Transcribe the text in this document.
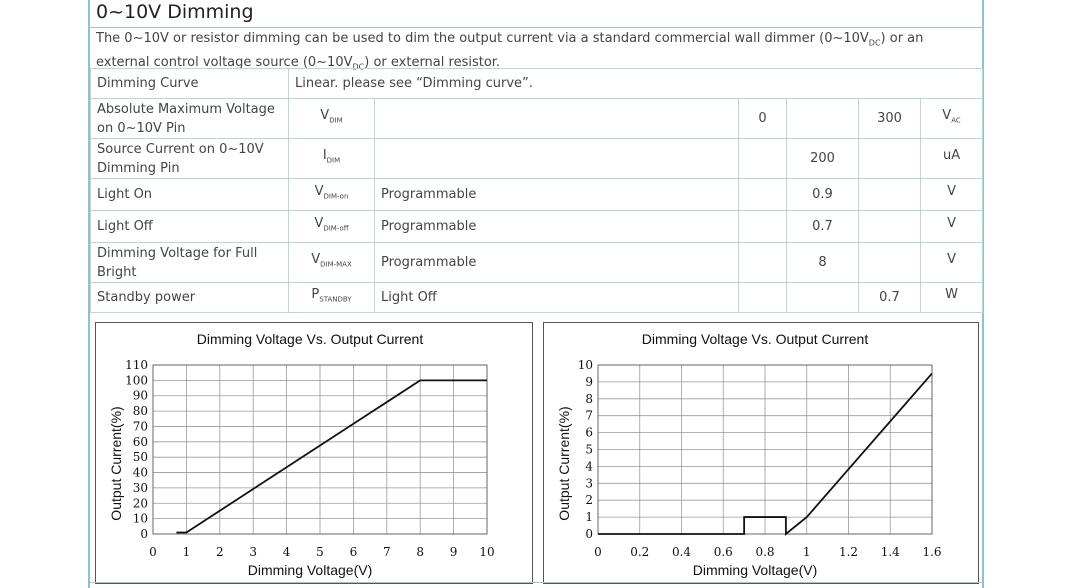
0~10V Dimming
The 0~10V or resistor dimming can be used to dim the output current via a standard commercial wall dimmer $(0\sim 10V_{DC})$ or an external control voltage source $(0\sim 10V_{DC})$ or external resistor.
Dimming Curve	Linear. please see “Dimming curve”.					
Absolute Maximum Voltage on 0~10V Pin	$V_{DIM}$		0		300	$V_{AC}$
Source Current on 0~10V Dimming Pin	$I_{DIM}$			200		uA
Light On	$V_{DIM-on}$	Programmable		0.9		V
Light Off	$V_{DIM-off}$	Programmable		0.7		V
Dimming Voltage for Full Bright	$V_{DIM-MAX}$	Programmable		8		V
Standby power	$P_{STANDBY}$	Light Off			0.7	W
Dimming Voltage Vs. Output Current
0
10
20
30
40
50
60
70
80
90
100
110
0 1 2 3 4 5 6 7 8 9 10
Dimming Voltage(V)
Output Current(%)
Dimming Voltage Vs. Output Current
0
1
2
3
4
5
6
7
8
9
10
0 0.2 0.4 0.6 0.8 1 1.2 1.4 1.6
Dimming Voltage(V)
Output Current(%)
